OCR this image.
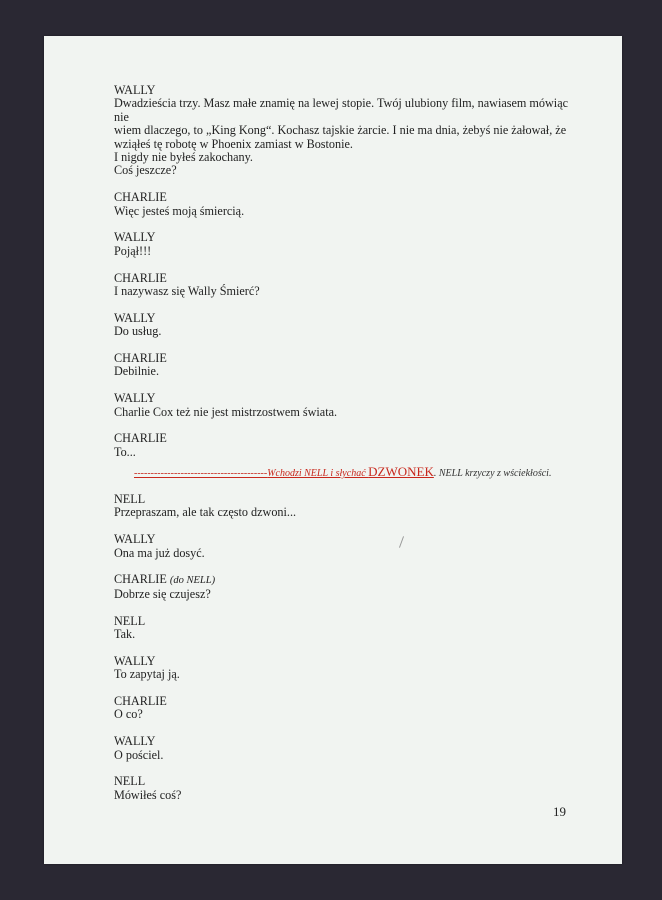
WALLY
Dwadzieścia trzy. Masz małe znamię na lewej stopie. Twój ulubiony film, nawiasem mówiąc nie
wiem dlaczego, to „King Kong“. Kochasz tajskie żarcie. I nie ma dnia, żebyś nie żałował, że
wziąłeś tę robotę w Phoenix zamiast w Bostonie.
I nigdy nie byłeś zakochany.
Coś jeszcze?
CHARLIE
Więc jesteś moją śmiercią.
WALLY
Pojął!!!
CHARLIE
I nazywasz się Wally Śmierć?
WALLY
Do usług.
CHARLIE
Debilnie.
WALLY
Charlie Cox też nie jest mistrzostwem świata.
CHARLIE
To...
----------------------------------------Wchodzi NELL i słychać DZWONEK. NELL krzyczy z wściekłości.
NELL
Przepraszam, ale tak często dzwoni...
WALLY
Ona ma już dosyć.
CHARLIE (do NELL)
Dobrze się czujesz?
NELL
Tak.
WALLY
To zapytaj ją.
CHARLIE
O co?
WALLY
O pościel.
NELL
Mówiłeś coś?
19
